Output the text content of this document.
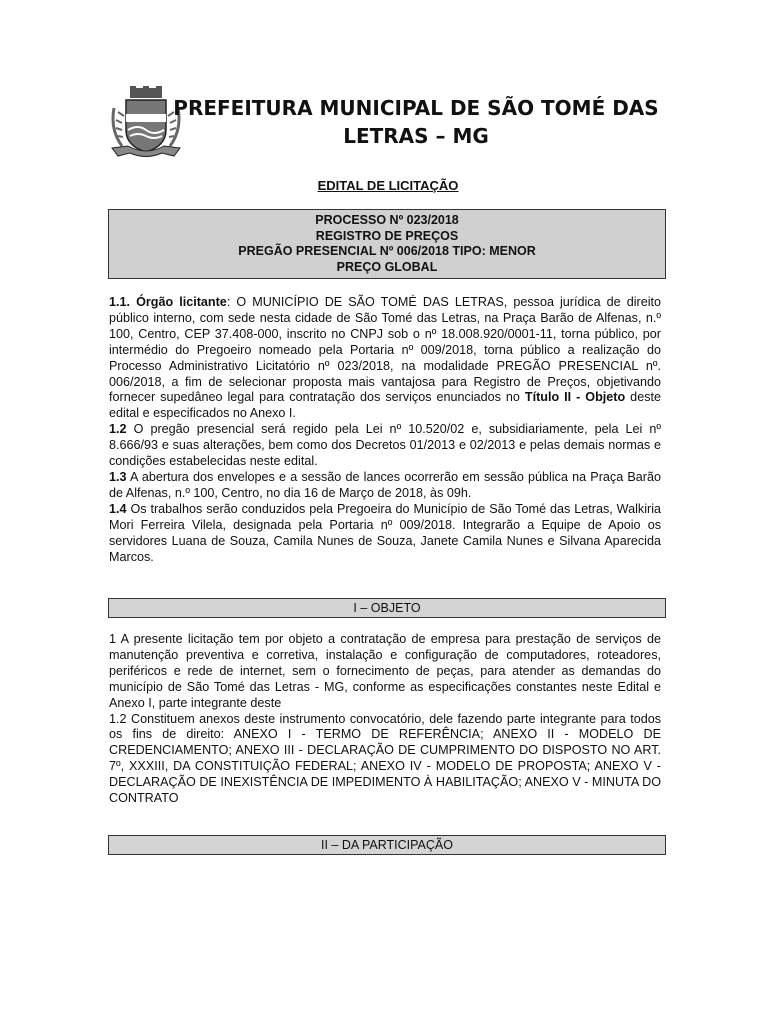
PREFEITURA MUNICIPAL DE SÃO TOMÉ DAS
LETRAS – MG
EDITAL DE LICITAÇÃO
PROCESSO Nº 023/2018
REGISTRO DE PREÇOS
PREGÃO PRESENCIAL Nº 006/2018 TIPO: MENOR
PREÇO GLOBAL

1.1. Órgão licitante: O MUNICÍPIO DE SÃO TOMÉ DAS LETRAS, pessoa jurídica de direito público interno, com sede nesta cidade de São Tomé das Letras, na Praça Barão de Alfenas, n.º 100, Centro, CEP 37.408-000, inscrito no CNPJ sob o nº 18.008.920/0001-11, torna público, por intermédio do Pregoeiro nomeado pela Portaria nº 009/2018, torna público a realização do Processo Administrativo Licitatório nº 023/2018, na modalidade PREGÃO PRESENCIAL nº. 006/2018, a fim de selecionar proposta mais vantajosa para Registro de Preços, objetivando fornecer supedâneo legal para contratação dos serviços enunciados no Título II - Objeto deste edital e especificados no Anexo I.

1.2 O pregão presencial será regido pela Lei nº 10.520/02 e, subsidiariamente, pela Lei nº 8.666/93 e suas alterações, bem como dos Decretos 01/2013 e 02/2013 e pelas demais normas e condições estabelecidas neste edital.

1.3 A abertura dos envelopes e a sessão de lances ocorrerão em sessão pública na Praça Barão de Alfenas, n.º 100, Centro, no dia 16 de Março de 2018, às 09h.

1.4 Os trabalhos serão conduzidos pela Pregoeira do Município de São Tomé das Letras, Walkiria Mori Ferreira Vilela, designada pela Portaria nº 009/2018. Integrarão a Equipe de Apoio os servidores Luana de Souza, Camila Nunes de Souza, Janete Camila Nunes e Silvana Aparecida Marcos.

I – OBJETO

1 A presente licitação tem por objeto a contratação de empresa para prestação de serviços de manutenção preventiva e corretiva, instalação e configuração de computadores, roteadores, periféricos e rede de internet, sem o fornecimento de peças, para atender as demandas do município de São Tomé das Letras - MG, conforme as especificações constantes neste Edital e Anexo I, parte integrante deste

1.2 Constituem anexos deste instrumento convocatório, dele fazendo parte integrante para todos os fins de direito: ANEXO I - TERMO DE REFERÊNCIA; ANEXO II - MODELO DE CREDENCIAMENTO; ANEXO III - DECLARAÇÃO DE CUMPRIMENTO DO DISPOSTO NO ART. 7º, XXXIII, DA CONSTITUIÇÃO FEDERAL; ANEXO IV - MODELO DE PROPOSTA; ANEXO V - DECLARAÇÃO DE INEXISTÊNCIA DE IMPEDIMENTO À HABILITAÇÃO; ANEXO V - MINUTA DO CONTRATO

II – DA PARTICIPAÇÃO
